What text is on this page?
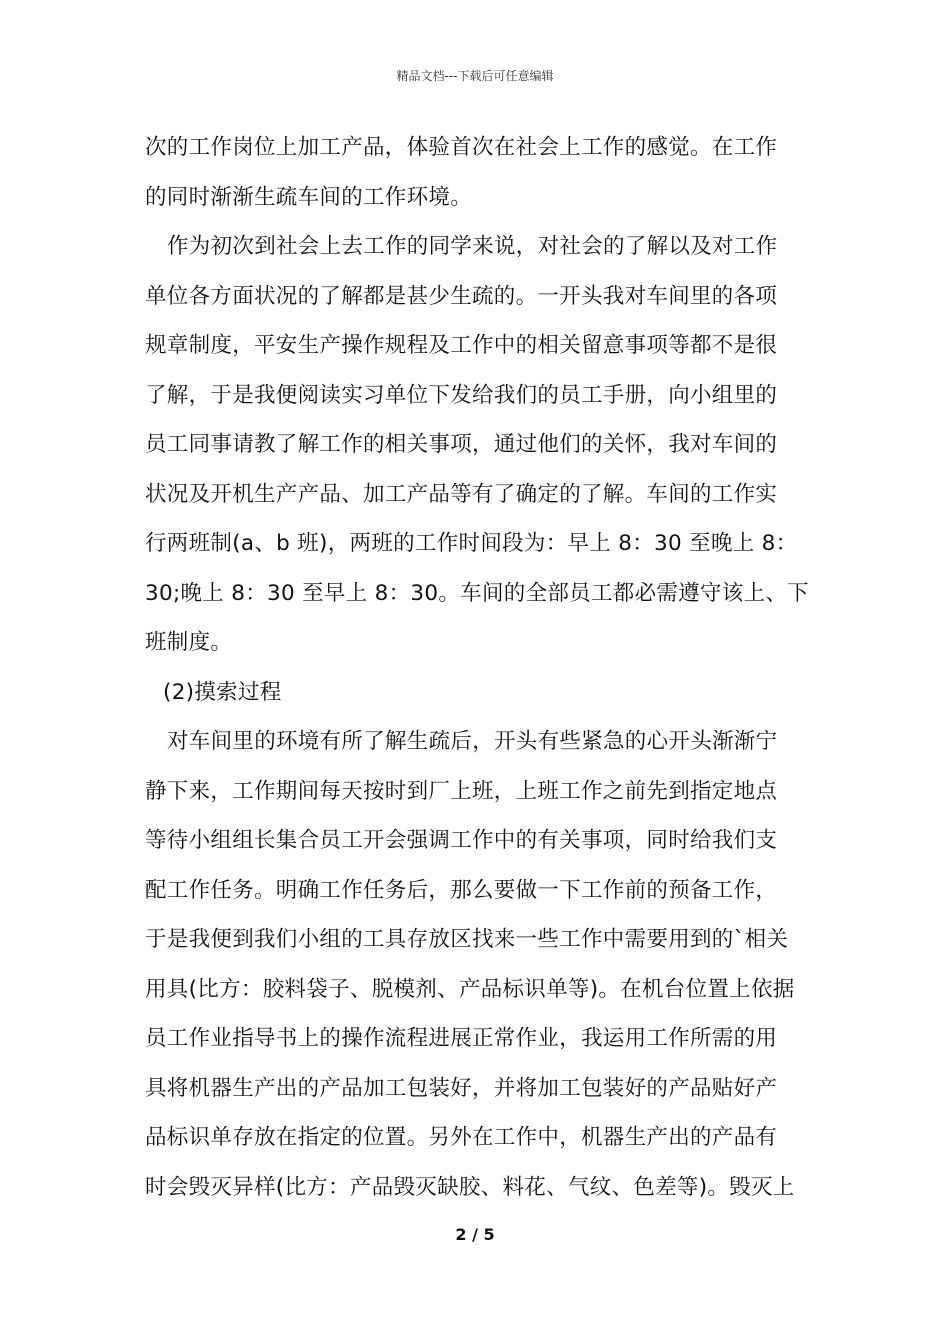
精品文档---下载后可任意编辑
次的工作岗位上加工产品，体验首次在社会上工作的感觉。在工作
的同时渐渐生疏车间的工作环境。
作为初次到社会上去工作的同学来说，对社会的了解以及对工作
单位各方面状况的了解都是甚少生疏的。一开头我对车间里的各项
规章制度，平安生产操作规程及工作中的相关留意事项等都不是很
了解，于是我便阅读实习单位下发给我们的员工手册，向小组里的
员工同事请教了解工作的相关事项，通过他们的关怀，我对车间的
状况及开机生产产品、加工产品等有了确定的了解。车间的工作实
行两班制(a、b 班)，两班的工作时间段为：早上 8：30 至晚上 8：
30;晚上 8：30 至早上 8：30。车间的全部员工都必需遵守该上、下
班制度。
(2)摸索过程
对车间里的环境有所了解生疏后，开头有些紧急的心开头渐渐宁
静下来，工作期间每天按时到厂上班，上班工作之前先到指定地点
等待小组组长集合员工开会强调工作中的有关事项，同时给我们支
配工作任务。明确工作任务后，那么要做一下工作前的预备工作，
于是我便到我们小组的工具存放区找来一些工作中需要用到的`相关
用具(比方：胶料袋子、脱模剂、产品标识单等)。在机台位置上依据
员工作业指导书上的操作流程进展正常作业，我运用工作所需的用
具将机器生产出的产品加工包装好，并将加工包装好的产品贴好产
品标识单存放在指定的位置。另外在工作中，机器生产出的产品有
时会毁灭异样(比方：产品毁灭缺胶、料花、气纹、色差等)。毁灭上
2 / 5
